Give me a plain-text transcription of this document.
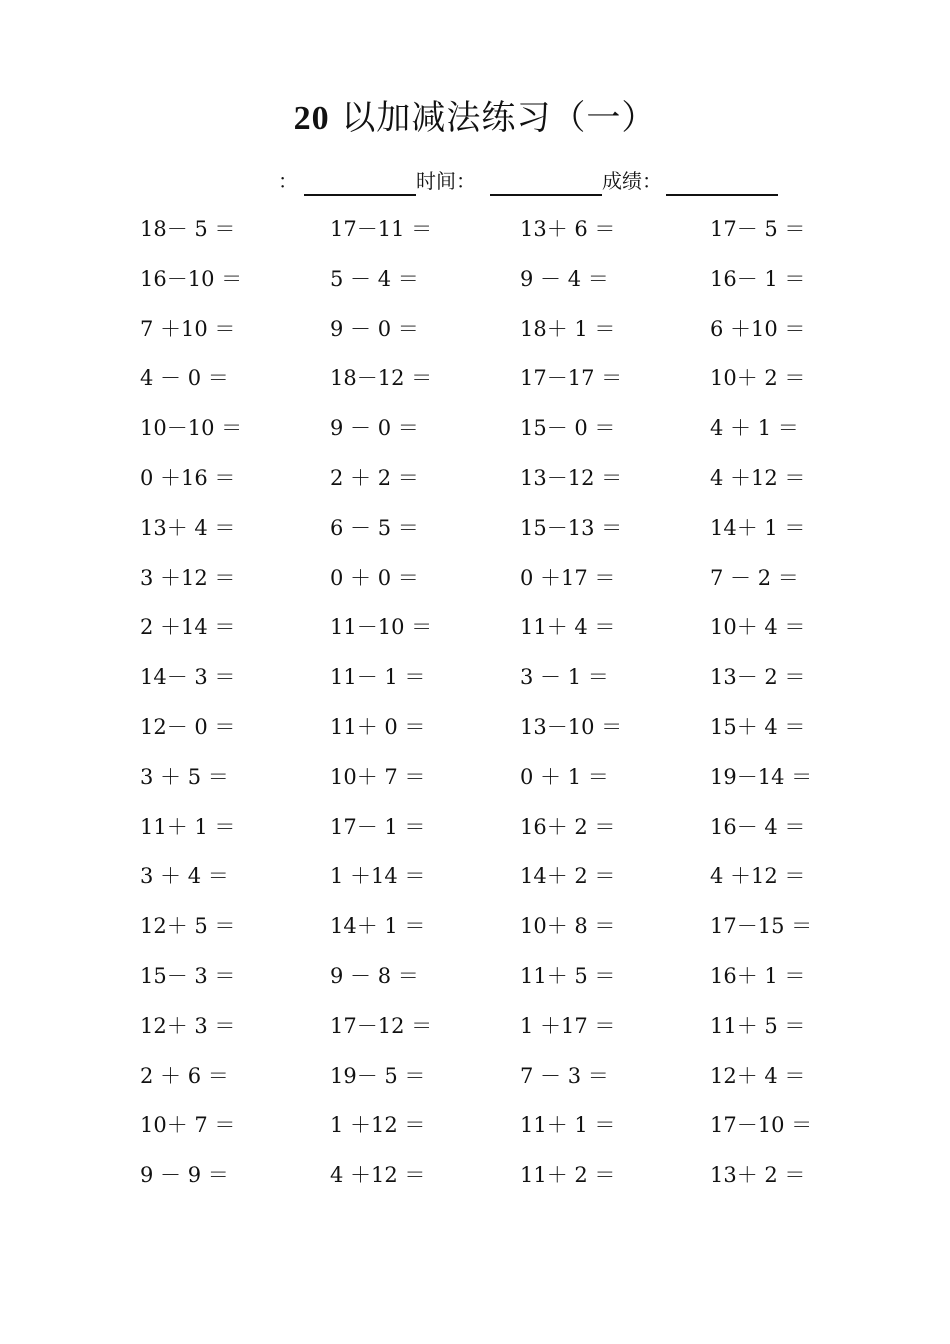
20 以加减法练习（一）
：	时间：	成绩：
18－ 5 ＝	17－11 ＝	13＋ 6 ＝	17－ 5 ＝
16－10 ＝	5 － 4 ＝	9 － 4 ＝	16－ 1 ＝
7 ＋10 ＝	9 － 0 ＝	18＋ 1 ＝	6 ＋10 ＝
4 － 0 ＝	18－12 ＝	17－17 ＝	10＋ 2 ＝
10－10 ＝	9 － 0 ＝	15－ 0 ＝	4 ＋ 1 ＝
0 ＋16 ＝	2 ＋ 2 ＝	13－12 ＝	4 ＋12 ＝
13＋ 4 ＝	6 － 5 ＝	15－13 ＝	14＋ 1 ＝
3 ＋12 ＝	0 ＋ 0 ＝	0 ＋17 ＝	7 － 2 ＝
2 ＋14 ＝	11－10 ＝	11＋ 4 ＝	10＋ 4 ＝
14－ 3 ＝	11－ 1 ＝	3 － 1 ＝	13－ 2 ＝
12－ 0 ＝	11＋ 0 ＝	13－10 ＝	15＋ 4 ＝
3 ＋ 5 ＝	10＋ 7 ＝	0 ＋ 1 ＝	19－14 ＝
11＋ 1 ＝	17－ 1 ＝	16＋ 2 ＝	16－ 4 ＝
3 ＋ 4 ＝	1 ＋14 ＝	14＋ 2 ＝	4 ＋12 ＝
12＋ 5 ＝	14＋ 1 ＝	10＋ 8 ＝	17－15 ＝
15－ 3 ＝	9 － 8 ＝	11＋ 5 ＝	16＋ 1 ＝
12＋ 3 ＝	17－12 ＝	1 ＋17 ＝	11＋ 5 ＝
2 ＋ 6 ＝	19－ 5 ＝	7 － 3 ＝	12＋ 4 ＝
10＋ 7 ＝	1 ＋12 ＝	11＋ 1 ＝	17－10 ＝
9 － 9 ＝	4 ＋12 ＝	11＋ 2 ＝	13＋ 2 ＝
